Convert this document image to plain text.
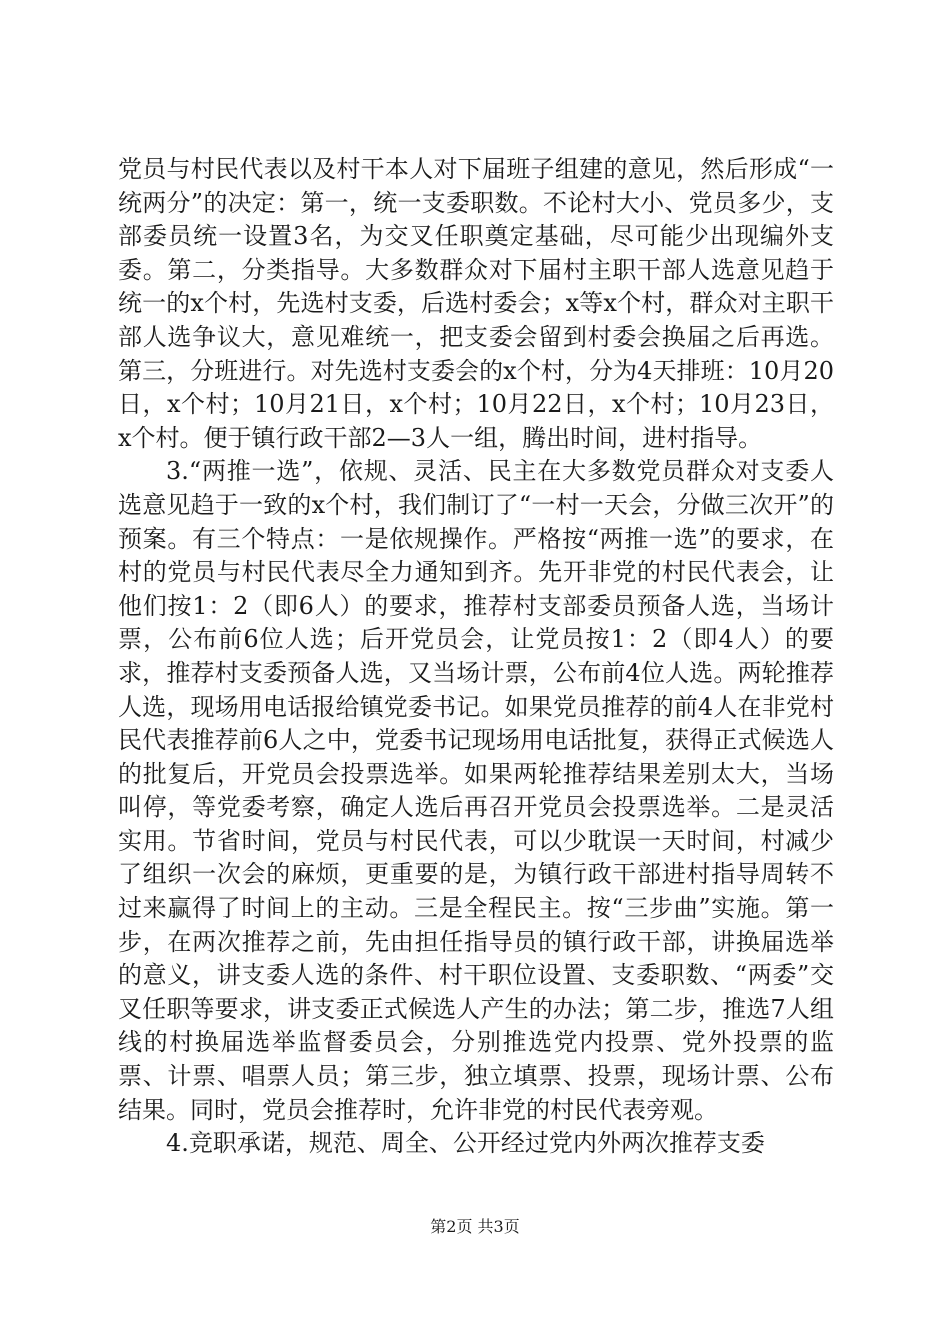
党员与村民代表以及村干本人对下届班子组建的意见，然后形成“一统两分”的决定：第一，统一支委职数。不论村大小、党员多少，支部委员统一设置3名，为交叉任职奠定基础，尽可能少出现编外支委。第二，分类指导。大多数群众对下届村主职干部人选意见趋于统一的x个村，先选村支委，后选村委会；x等x个村，群众对主职干部人选争议大，意见难统一，把支委会留到村委会换届之后再选。第三，分班进行。对先选村支委会的x个村，分为4天排班：10月20日，x个村；10月21日，x个村；10月22日，x个村；10月23日，x个村。便于镇行政干部2—3人一组，腾出时间，进村指导。

3.“两推一选”，依规、灵活、民主在大多数党员群众对支委人选意见趋于一致的x个村，我们制订了“一村一天会，分做三次开”的预案。有三个特点：一是依规操作。严格按“两推一选”的要求，在村的党员与村民代表尽全力通知到齐。先开非党的村民代表会，让他们按1：2（即6人）的要求，推荐村支部委员预备人选，当场计票，公布前6位人选；后开党员会，让党员按1：2（即4人）的要求，推荐村支委预备人选，又当场计票，公布前4位人选。两轮推荐人选，现场用电话报给镇党委书记。如果党员推荐的前4人在非党村民代表推荐前6人之中，党委书记现场用电话批复，获得正式候选人的批复后，开党员会投票选举。如果两轮推荐结果差别太大，当场叫停，等党委考察，确定人选后再召开党员会投票选举。二是灵活实用。节省时间，党员与村民代表，可以少耽误一天时间，村减少了组织一次会的麻烦，更重要的是，为镇行政干部进村指导周转不过来赢得了时间上的主动。三是全程民主。按“三步曲”实施。第一步，在两次推荐之前，先由担任指导员的镇行政干部，讲换届选举的意义，讲支委人选的条件、村干职位设置、支委职数、“两委”交叉任职等要求，讲支委正式候选人产生的办法；第二步，推选7人组线的村换届选举监督委员会，分别推选党内投票、党外投票的监票、计票、唱票人员；第三步，独立填票、投票，现场计票、公布结果。同时，党员会推荐时，允许非党的村民代表旁观。

4.竞职承诺，规范、周全、公开经过党内外两次推荐支委

第2页 共3页
